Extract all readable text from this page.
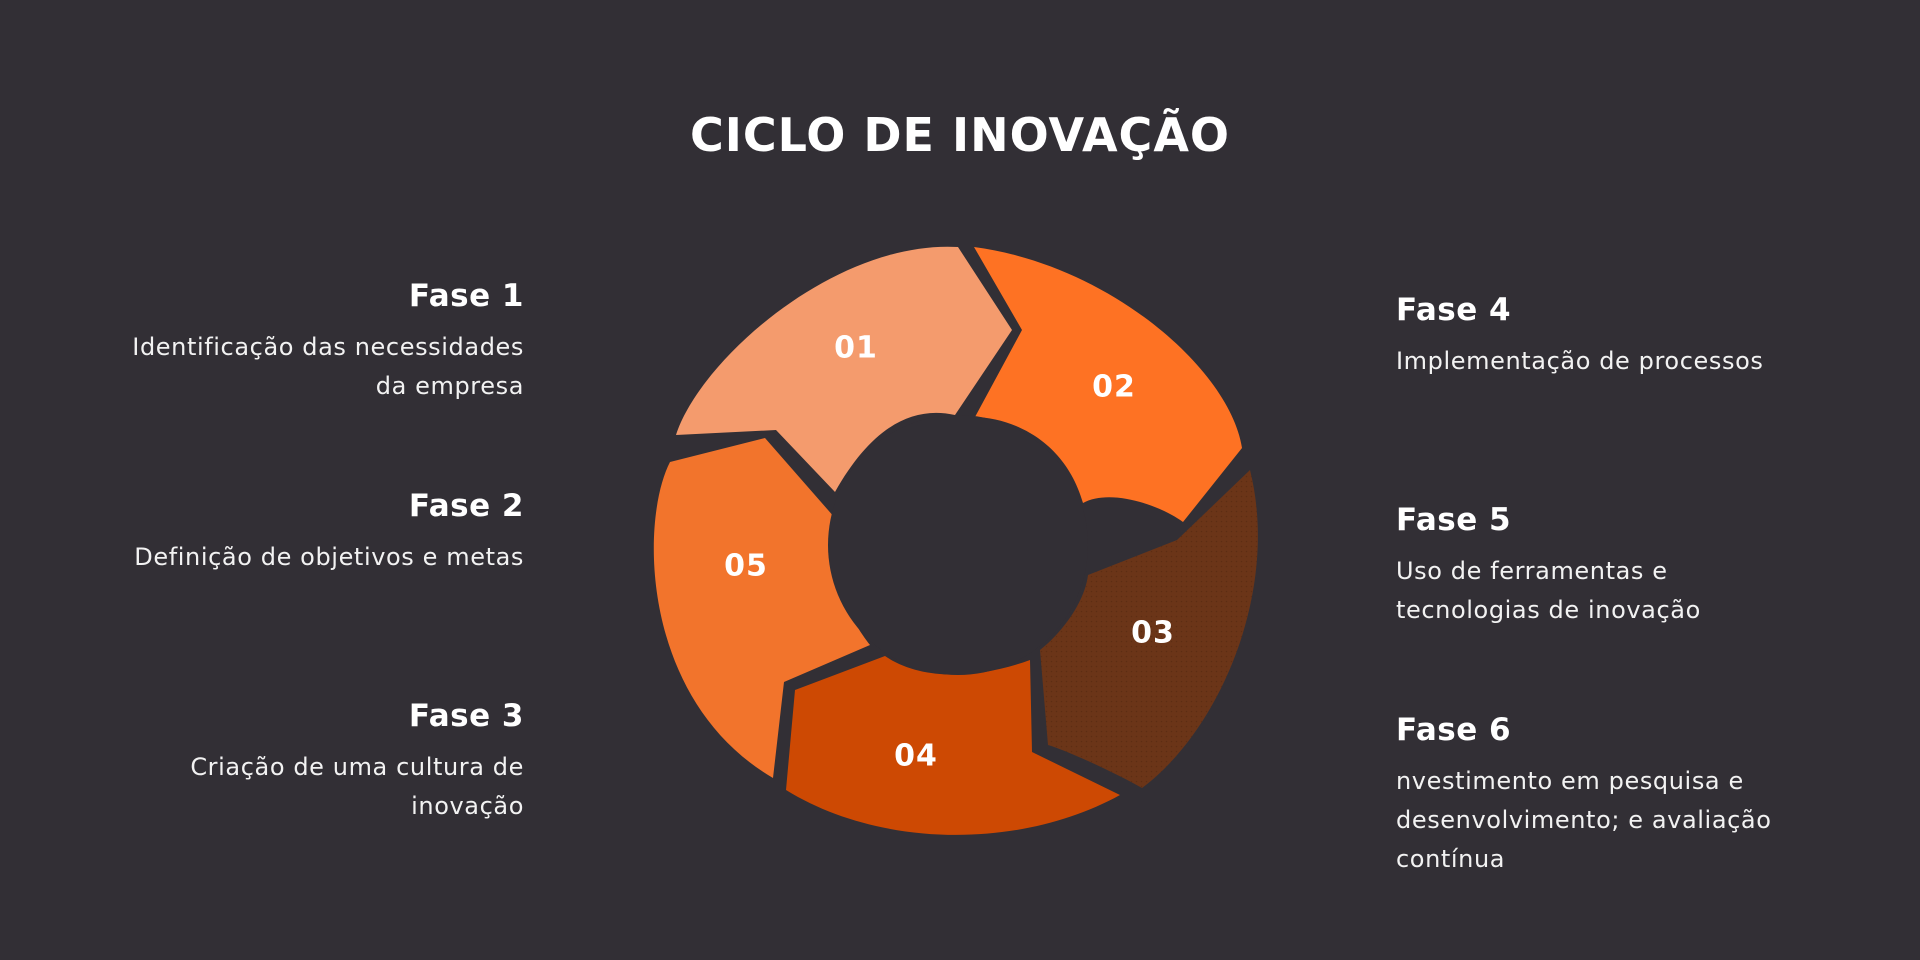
CICLO DE INOVAÇÃO
01
02
03
04
05

Fase 1

Identificação das necessidades da empresa

Fase 2

Definição de objetivos e metas

Fase 3

Criação de uma cultura de inovação

Fase 4

Implementação de processos

Fase 5

Uso de ferramentas e tecnologias de inovação

Fase 6

nvestimento em pesquisa e desenvolvimento; e avaliação contínua
